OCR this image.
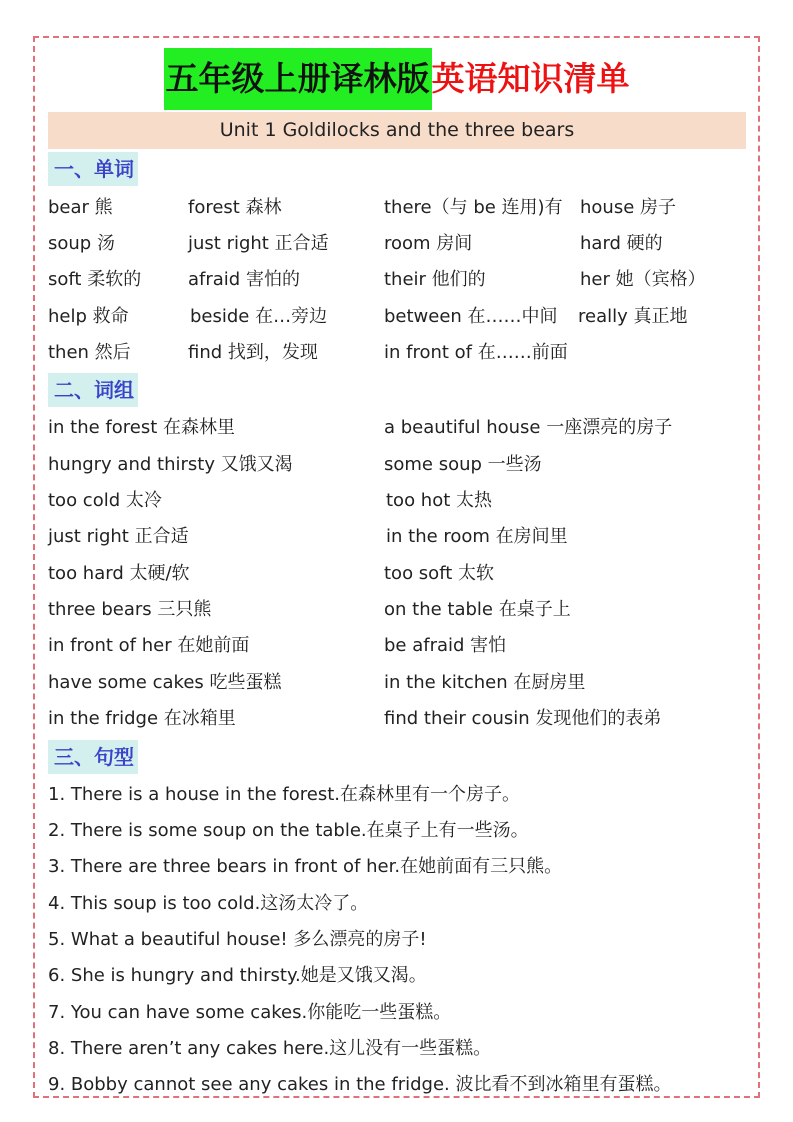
五年级上册译林版英语知识清单
Unit 1 Goldilocks and the three bears
一、单词
bear 熊	forest 森林	there（与 be 连用)有 house 房子
soup 汤	just right 正合适	room 房间	hard 硬的
soft 柔软的	afraid 害怕的	their 他们的	her 她（宾格）
help 救命	beside 在…旁边	between 在……中间 really 真正地
then 然后	find 找到，发现	in front of 在……前面
二、词组
in the forest 在森林里	a beautiful house 一座漂亮的房子
hungry and thirsty 又饿又渴	some soup 一些汤
too cold 太冷	too hot 太热
just right 正合适	in the room 在房间里
too hard 太硬/软	too soft 太软
three bears 三只熊	on the table 在桌子上
in front of her 在她前面	be afraid 害怕
have some cakes 吃些蛋糕	in the kitchen 在厨房里
in the fridge 在冰箱里	find their cousin 发现他们的表弟
三、句型
1. There is a house in the forest.在森林里有一个房子。
2. There is some soup on the table.在桌子上有一些汤。
3. There are three bears in front of her.在她前面有三只熊。
4. This soup is too cold.这汤太冷了。
5. What a beautiful house! 多么漂亮的房子!
6. She is hungry and thirsty.她是又饿又渴。
7. You can have some cakes.你能吃一些蛋糕。
8. There aren’t any cakes here.这儿没有一些蛋糕。
9. Bobby cannot see any cakes in the fridge. 波比看不到冰箱里有蛋糕。
